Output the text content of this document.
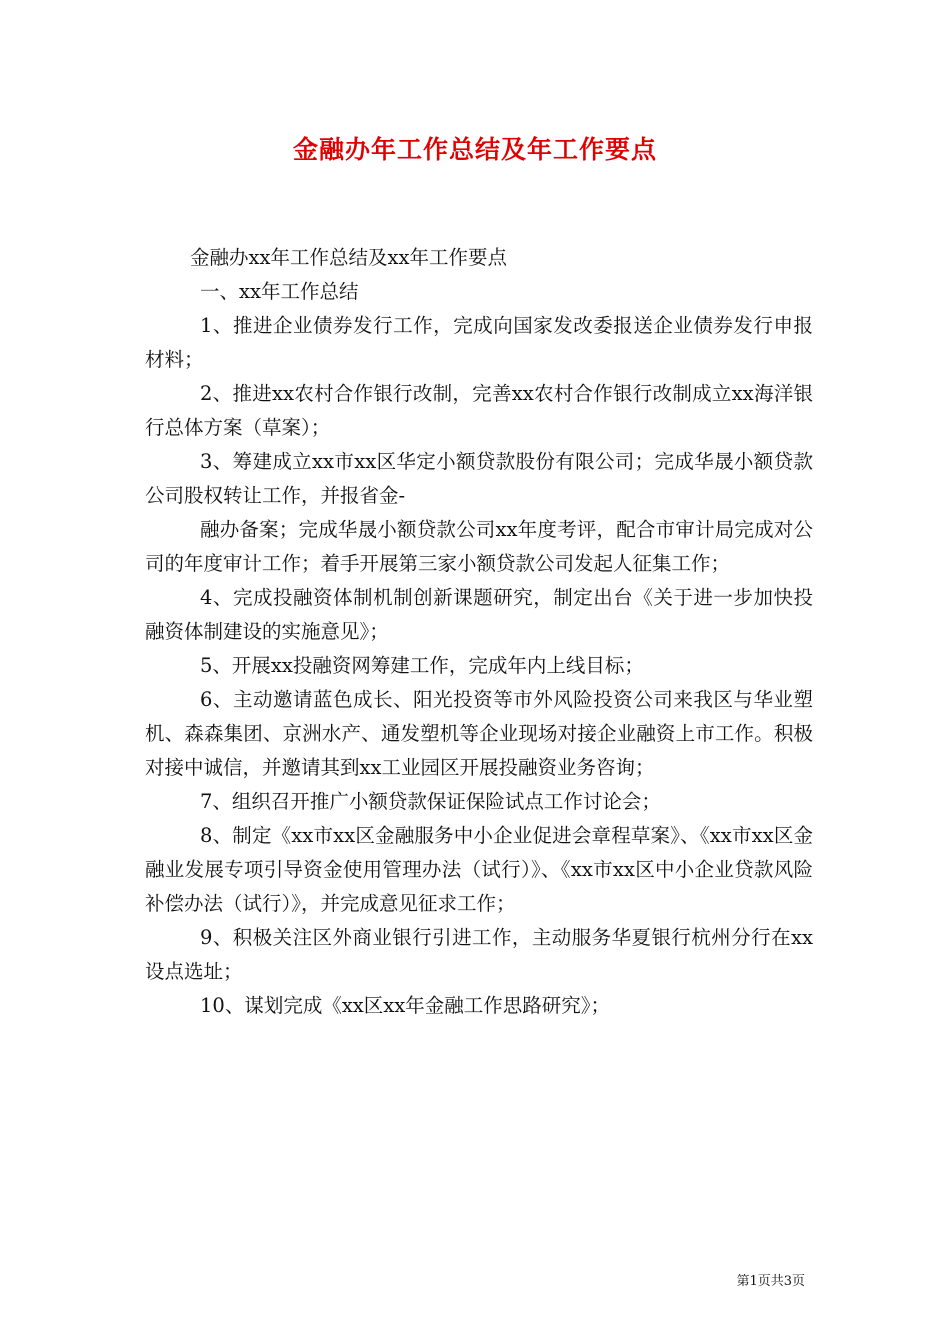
金融办年工作总结及年工作要点

金融办xx年工作总结及xx年工作要点

一、xx年工作总结

1、推进企业债券发行工作，完成向国家发改委报送企业债券发行申报材料；

2、推进xx农村合作银行改制，完善xx农村合作银行改制成立xx海洋银行总体方案（草案）；

3、筹建成立xx市xx区华定小额贷款股份有限公司；完成华晟小额贷款公司股权转让工作，并报省金-

融办备案；完成华晟小额贷款公司xx年度考评，配合市审计局完成对公司的年度审计工作；着手开展第三家小额贷款公司发起人征集工作；

4、完成投融资体制机制创新课题研究，制定出台《关于进一步加快投融资体制建设的实施意见》；

5、开展xx投融资网筹建工作，完成年内上线目标；

6、主动邀请蓝色成长、阳光投资等市外风险投资公司来我区与华业塑机、森森集团、京洲水产、通发塑机等企业现场对接企业融资上市工作。积极对接中诚信，并邀请其到xx工业园区开展投融资业务咨询；

7、组织召开推广小额贷款保证保险试点工作讨论会；

8、制定《xx市xx区金融服务中小企业促进会章程草案》、《xx市xx区金融业发展专项引导资金使用管理办法（试行）》、《xx市xx区中小企业贷款风险补偿办法（试行）》，并完成意见征求工作；

9、积极关注区外商业银行引进工作，主动服务华夏银行杭州分行在xx设点选址；

10、谋划完成《xx区xx年金融工作思路研究》；

第1页共3页
